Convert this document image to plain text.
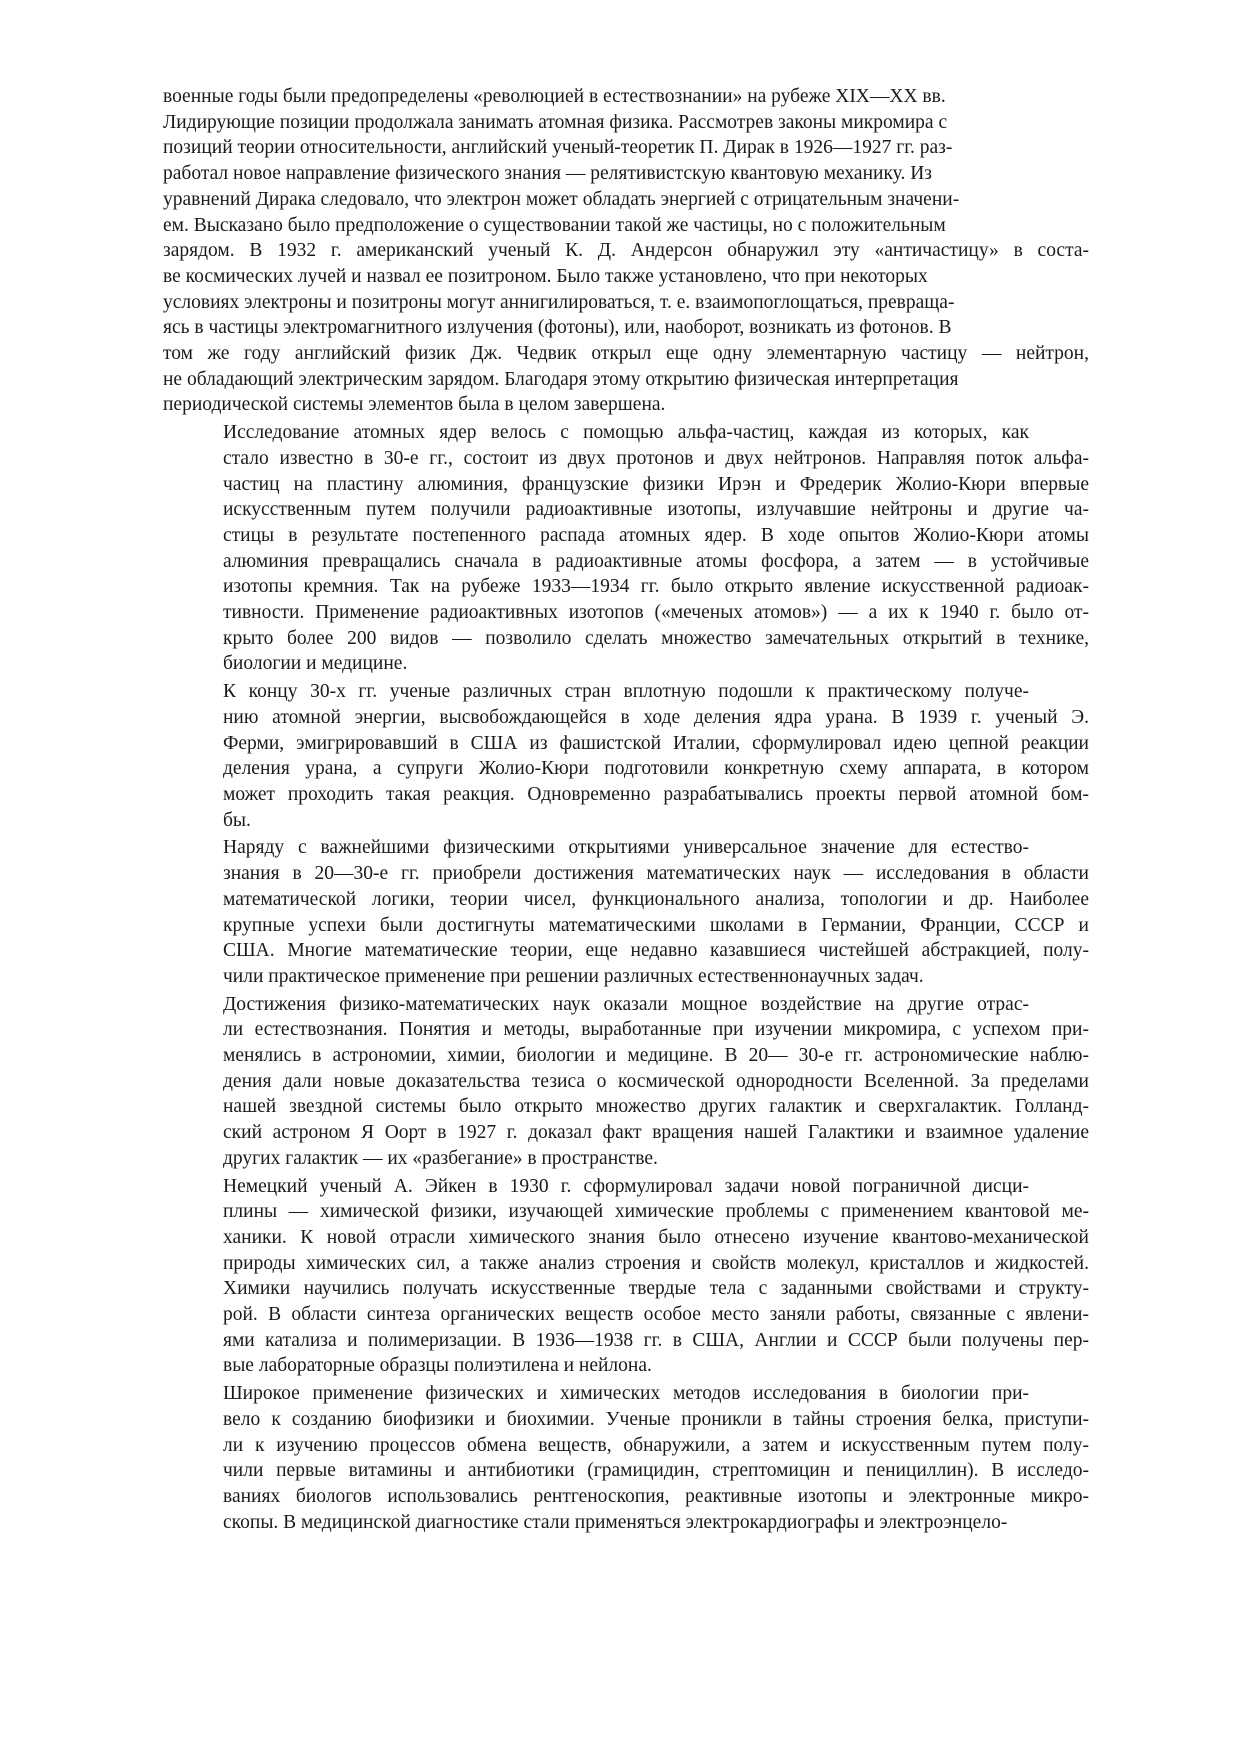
военные годы были предопределены «революцией в естествознании» на рубеже XIX—XX вв.
Лидирующие позиции продолжала занимать атомная физика. Рассмотрев законы микромира с
позиций теории относительности, английский ученый-теоретик П. Дирак в 1926—1927 гг. раз-
работал новое направление физического знания — релятивистскую квантовую механику. Из
уравнений Дирака следовало, что электрон может обладать энергией с отрицательным значени-
ем. Высказано было предположение о существовании такой же частицы, но с положительным
зарядом. В 1932 г. американский ученый К. Д. Андерсон обнаружил эту «античастицу» в соста-
ве космических лучей и назвал ее позитроном. Было также установлено, что при некоторых
условиях электроны и позитроны могут аннигилироваться, т. е. взаимопоглощаться, превраща-
ясь в частицы электромагнитного излучения (фотоны), или, наоборот, возникать из фотонов. В
том же году английский физик Дж. Чедвик открыл еще одну элементарную частицу — нейтрон,
не обладающий электрическим зарядом. Благодаря этому открытию физическая интерпретация
периодической системы элементов была в целом завершена.
Исследование атомных ядер велось с помощью альфа-частиц, каждая из которых, как
стало известно в 30-е гг., состоит из двух протонов и двух нейтронов. Направляя поток альфа-
частиц на пластину алюминия, французские физики Ирэн и Фредерик Жолио-Кюри впервые
искусственным путем получили радиоактивные изотопы, излучавшие нейтроны и другие ча-
стицы в результате постепенного распада атомных ядер. В ходе опытов Жолио-Кюри атомы
алюминия превращались сначала в радиоактивные атомы фосфора, а затем — в устойчивые
изотопы кремния. Так на рубеже 1933—1934 гг. было открыто явление искусственной радиоак-
тивности. Применение радиоактивных изотопов («меченых атомов») — а их к 1940 г. было от-
крыто более 200 видов — позволило сделать множество замечательных открытий в технике,
биологии и медицине.
К концу 30-х гг. ученые различных стран вплотную подошли к практическому получе-
нию атомной энергии, высвобождающейся в ходе деления ядра урана. В 1939 г. ученый Э.
Ферми, эмигрировавший в США из фашистской Италии, сформулировал идею цепной реакции
деления урана, а супруги Жолио-Кюри подготовили конкретную схему аппарата, в котором
может проходить такая реакция. Одновременно разрабатывались проекты первой атомной бом-
бы.
Наряду с важнейшими физическими открытиями универсальное значение для естество-
знания в 20—30-е гг. приобрели достижения математических наук — исследования в области
математической логики, теории чисел, функционального анализа, топологии и др. Наиболее
крупные успехи были достигнуты математическими школами в Германии, Франции, СССР и
США. Многие математические теории, еще недавно казавшиеся чистейшей абстракцией, полу-
чили практическое применение при решении различных естественнонаучных задач.
Достижения физико-математических наук оказали мощное воздействие на другие отрас-
ли естествознания. Понятия и методы, выработанные при изучении микромира, с успехом при-
менялись в астрономии, химии, биологии и медицине. В 20— 30-е гг. астрономические наблю-
дения дали новые доказательства тезиса о космической однородности Вселенной. За пределами
нашей звездной системы было открыто множество других галактик и сверхгалактик. Голланд-
ский астроном Я Оорт в 1927 г. доказал факт вращения нашей Галактики и взаимное удаление
других галактик — их «разбегание» в пространстве.
Немецкий ученый А. Эйкен в 1930 г. сформулировал задачи новой пограничной дисци-
плины — химической физики, изучающей химические проблемы с применением квантовой ме-
ханики. К новой отрасли химического знания было отнесено изучение квантово-механической
природы химических сил, а также анализ строения и свойств молекул, кристаллов и жидкостей.
Химики научились получать искусственные твердые тела с заданными свойствами и структу-
рой. В области синтеза органических веществ особое место заняли работы, связанные с явлени-
ями катализа и полимеризации. В 1936—1938 гг. в США, Англии и СССР были получены пер-
вые лабораторные образцы полиэтилена и нейлона.
Широкое применение физических и химических методов исследования в биологии при-
вело к созданию биофизики и биохимии. Ученые проникли в тайны строения белка, приступи-
ли к изучению процессов обмена веществ, обнаружили, а затем и искусственным путем полу-
чили первые витамины и антибиотики (грамицидин, стрептомицин и пенициллин). В исследо-
ваниях биологов использовались рентгеноскопия, реактивные изотопы и электронные микро-
скопы. В медицинской диагностике стали применяться электрокардиографы и электроэнцело-
